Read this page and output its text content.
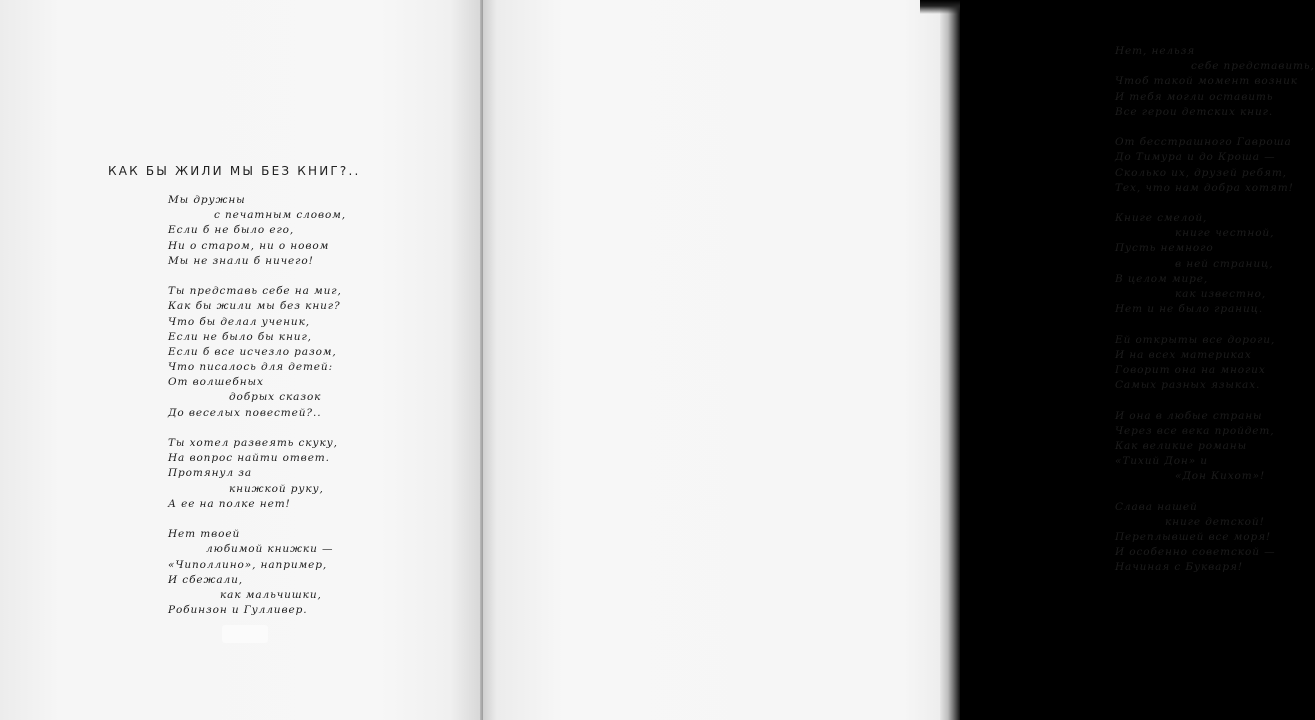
КАК БЫ ЖИЛИ МЫ БЕЗ КНИГ?..
Мы дружны
с печатным словом,
Если б не было его,
Ни о старом, ни о новом
Мы не знали б ничего!
Ты представь себе на миг,
Как бы жили мы без книг?
Что бы делал ученик,
Если не было бы книг,
Если б все исчезло разом,
Что писалось для детей:
От волшебных
добрых сказок
До веселых повестей?..
Ты хотел развеять скуку,
На вопрос найти ответ.
Протянул за
книжкой руку,
А ее на полке нет!
Нет твоей
любимой книжки —
«Чиполлино», например,
И сбежали,
как мальчишки,
Робинзон и Гулливер.
Нет, нельзя
себе представить,
Чтоб такой момент возник
И тебя могли оставить
Все герои детских книг.
От бесстрашного Гавроша
До Тимура и до Кроша —
Сколько их, друзей ребят,
Тех, что нам добра хотят!
Книге смелой,
книге честной,
Пусть немного
в ней страниц,
В целом мире,
как известно,
Нет и не было границ.
Ей открыты все дороги,
И на всех материках
Говорит она на многих
Самых разных языках.
И она в любые страны
Через все века пройдет,
Как великие романы
«Тихий Дон» и
«Дон Кихот»!
Слава нашей
книге детской!
Переплывшей все моря!
И особенно советской —
Начиная с Букваря!
